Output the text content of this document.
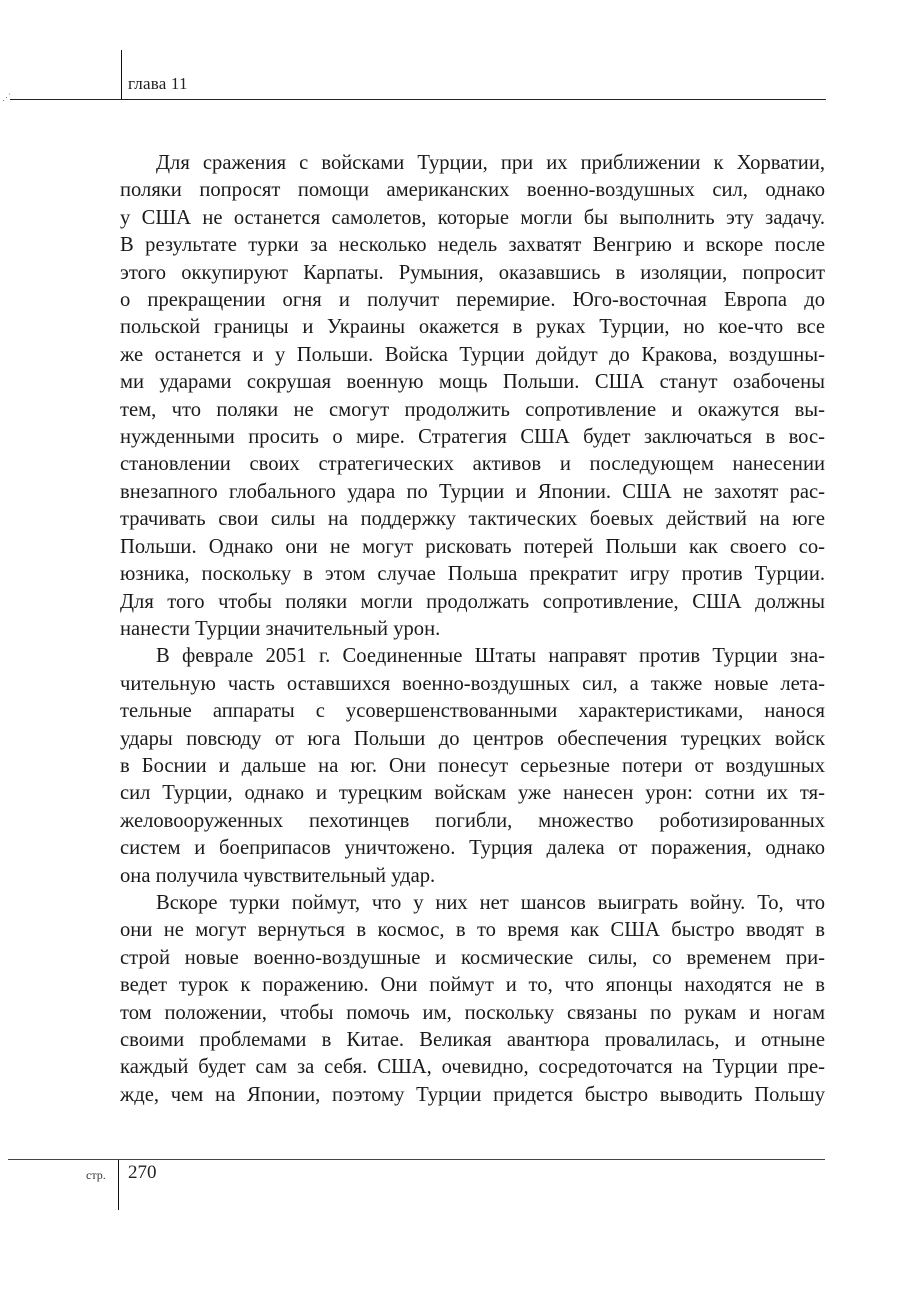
⋰
глава 11

Для сражения с войсками Турции, при их приближении к Хорватии,
поляки попросят помощи американских военно-воздушных сил, однако
у США не останется самолетов, которые могли бы выполнить эту задачу.
В результате турки за несколько недель захватят Венгрию и вскоре после
этого оккупируют Карпаты. Румыния, оказавшись в изоляции, попросит
о прекращении огня и получит перемирие. Юго-восточная Европа до
польской границы и Украины окажется в руках Турции, но кое-что все
же останется и у Польши. Войска Турции дойдут до Кракова, воздушны-
ми ударами сокрушая военную мощь Польши. США станут озабочены
тем, что поляки не смогут продолжить сопротивление и окажутся вы-
нужденными просить о мире. Стратегия США будет заключаться в вос-
становлении своих стратегических активов и последующем нанесении
внезапного глобального удара по Турции и Японии. США не захотят рас-
трачивать свои силы на поддержку тактических боевых действий на юге
Польши. Однако они не могут рисковать потерей Польши как своего со-
юзника, поскольку в этом случае Польша прекратит игру против Турции.
Для того чтобы поляки могли продолжать сопротивление, США должны
нанести Турции значительный урон.

В феврале 2051 г. Соединенные Штаты направят против Турции зна-
чительную часть оставшихся военно-воздушных сил, а также новые лета-
тельные аппараты с усовершенствованными характеристиками, нанося
удары повсюду от юга Польши до центров обеспечения турецких войск
в Боснии и дальше на юг. Они понесут серьезные потери от воздушных
сил Турции, однако и турецким войскам уже нанесен урон: сотни их тя-
желовооруженных пехотинцев погибли, множество роботизированных
систем и боеприпасов уничтожено. Турция далека от поражения, однако
она получила чувствительный удар.

Вскоре турки поймут, что у них нет шансов выиграть войну. То, что
они не могут вернуться в космос, в то время как США быстро вводят в
строй новые военно-воздушные и космические силы, со временем при-
ведет турок к поражению. Они поймут и то, что японцы находятся не в
том положении, чтобы помочь им, поскольку связаны по рукам и ногам
своими проблемами в Китае. Великая авантюра провалилась, и отныне
каждый будет сам за себя. США, очевидно, сосредоточатся на Турции пре-
жде, чем на Японии, поэтому Турции придется быстро выводить Польшу

стр. 270
